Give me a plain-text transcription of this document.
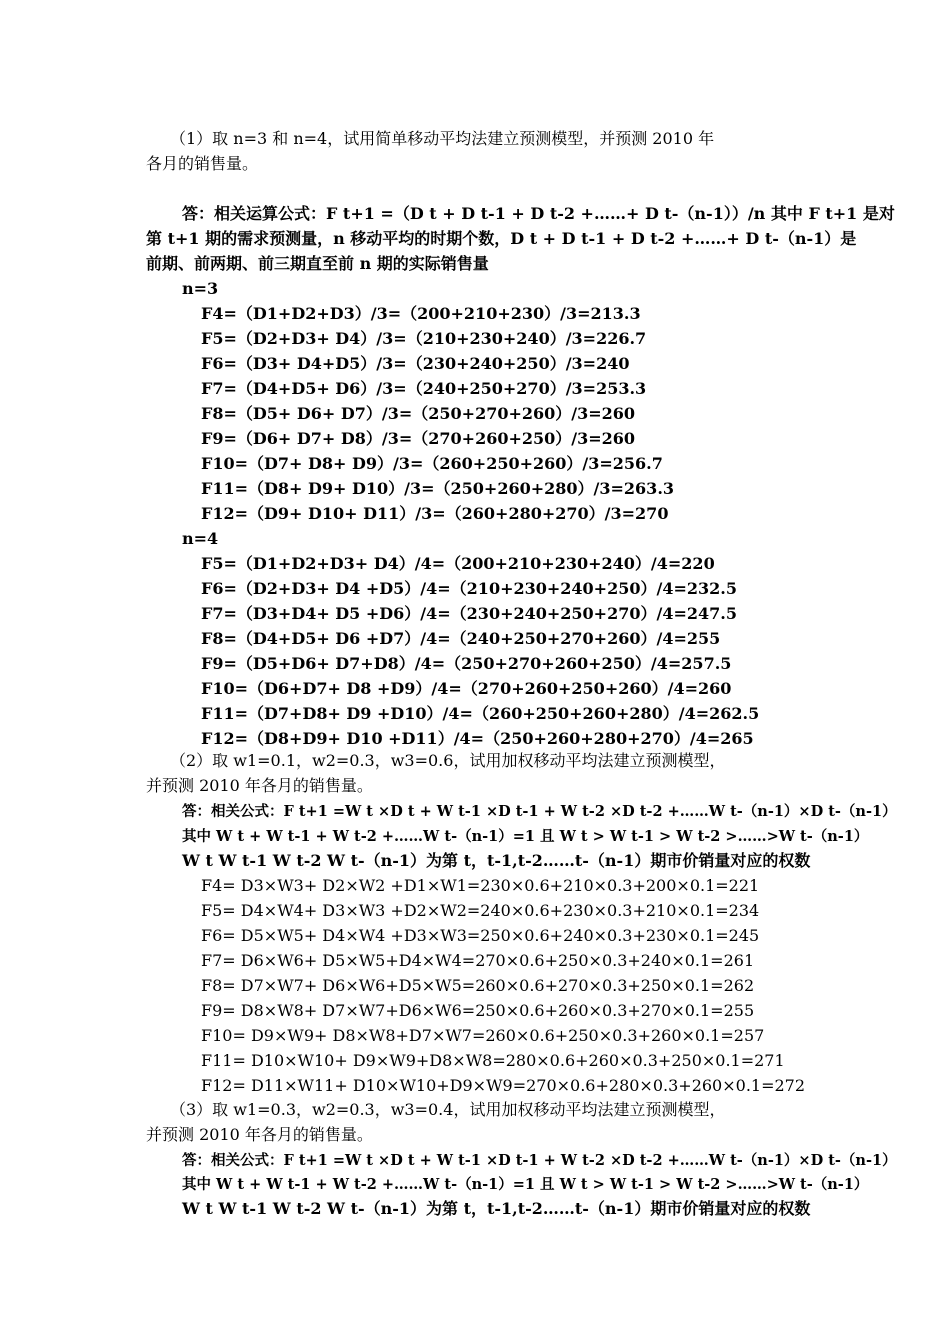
（1）取 n=3 和 n=4，试用简单移动平均法建立预测模型，并预测 2010 年
各月的销售量。
答：相关运算公式：F t+1 =（D t + D t-1 + D t-2 +……+ D t-（n-1））/n 其中 F t+1 是对
第 t+1 期的需求预测量，n 移动平均的时期个数，D t + D t-1 + D t-2 +……+ D t-（n-1）是
前期、前两期、前三期直至前 n 期的实际销售量
n=3
F4=（D1+D2+D3）/3=（200+210+230）/3=213.3
F5=（D2+D3+ D4）/3=（210+230+240）/3=226.7
F6=（D3+ D4+D5）/3=（230+240+250）/3=240
F7=（D4+D5+ D6）/3=（240+250+270）/3=253.3
F8=（D5+ D6+ D7）/3=（250+270+260）/3=260
F9=（D6+ D7+ D8）/3=（270+260+250）/3=260
F10=（D7+ D8+ D9）/3=（260+250+260）/3=256.7
F11=（D8+ D9+ D10）/3=（250+260+280）/3=263.3
F12=（D9+ D10+ D11）/3=（260+280+270）/3=270
n=4
F5=（D1+D2+D3+ D4）/4=（200+210+230+240）/4=220
F6=（D2+D3+ D4 +D5）/4=（210+230+240+250）/4=232.5
F7=（D3+D4+ D5 +D6）/4=（230+240+250+270）/4=247.5
F8=（D4+D5+ D6 +D7）/4=（240+250+270+260）/4=255
F9=（D5+D6+ D7+D8）/4=（250+270+260+250）/4=257.5
F10=（D6+D7+ D8 +D9）/4=（270+260+250+260）/4=260
F11=（D7+D8+ D9 +D10）/4=（260+250+260+280）/4=262.5
F12=（D8+D9+ D10 +D11）/4=（250+260+280+270）/4=265
（2）取 w1=0.1，w2=0.3，w3=0.6，试用加权移动平均法建立预测模型，
并预测 2010 年各月的销售量。
答：相关公式：F t+1 =W t ×D t + W t-1 ×D t-1 + W t-2 ×D t-2 +……W t-（n-1）×D t-（n-1）
其中 W t + W t-1 + W t-2 +……W t-（n-1）=1 且 W t > W t-1 > W t-2 >……>W t-（n-1）
W t W t-1 W t-2 W t-（n-1）为第 t，t-1,t-2……t-（n-1）期市价销量对应的权数
F4= D3×W3+ D2×W2 +D1×W1=230×0.6+210×0.3+200×0.1=221
F5= D4×W4+ D3×W3 +D2×W2=240×0.6+230×0.3+210×0.1=234
F6= D5×W5+ D4×W4 +D3×W3=250×0.6+240×0.3+230×0.1=245
F7= D6×W6+ D5×W5+D4×W4=270×0.6+250×0.3+240×0.1=261
F8= D7×W7+ D6×W6+D5×W5=260×0.6+270×0.3+250×0.1=262
F9= D8×W8+ D7×W7+D6×W6=250×0.6+260×0.3+270×0.1=255
F10= D9×W9+ D8×W8+D7×W7=260×0.6+250×0.3+260×0.1=257
F11= D10×W10+ D9×W9+D8×W8=280×0.6+260×0.3+250×0.1=271
F12= D11×W11+ D10×W10+D9×W9=270×0.6+280×0.3+260×0.1=272
（3）取 w1=0.3，w2=0.3，w3=0.4，试用加权移动平均法建立预测模型，
并预测 2010 年各月的销售量。
答：相关公式：F t+1 =W t ×D t + W t-1 ×D t-1 + W t-2 ×D t-2 +……W t-（n-1）×D t-（n-1）
其中 W t + W t-1 + W t-2 +……W t-（n-1）=1 且 W t > W t-1 > W t-2 >……>W t-（n-1）
W t W t-1 W t-2 W t-（n-1）为第 t，t-1,t-2……t-（n-1）期市价销量对应的权数
